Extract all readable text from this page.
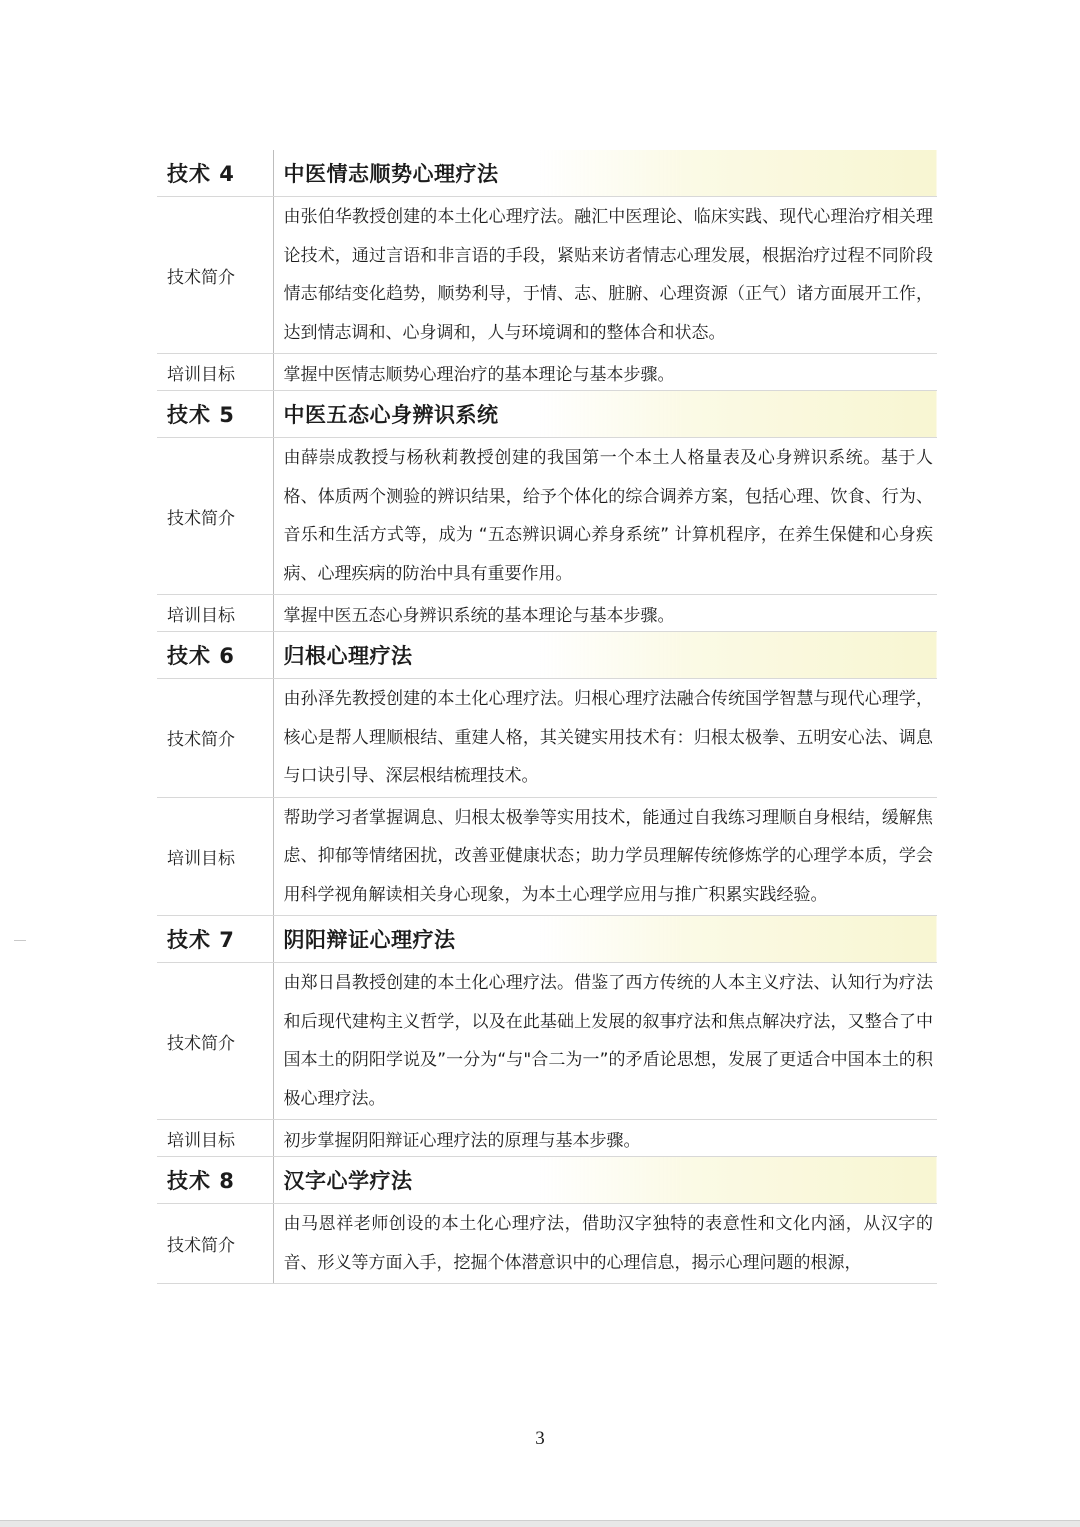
技术 4	中医情志顺势心理疗法
技术简介	由张伯华教授创建的本土化心理疗法。融汇中医理论、临床实践、现代心理治疗相关理论技术，通过言语和非言语的手段，紧贴来访者情志心理发展，根据治疗过程不同阶段情志郁结变化趋势，顺势利导，于情、志、脏腑、心理资源（正气）诸方面展开工作，达到情志调和、心身调和，人与环境调和的整体合和状态。
培训目标	掌握中医情志顺势心理治疗的基本理论与基本步骤。
技术 5	中医五态心身辨识系统
技术简介	由薛崇成教授与杨秋莉教授创建的我国第一个本土人格量表及心身辨识系统。基于人格、体质两个测验的辨识结果，给予个体化的综合调养方案，包括心理、饮食、行为、音乐和生活方式等，成为 “五态辨识调心养身系统” 计算机程序，在养生保健和心身疾病、心理疾病的防治中具有重要作用。
培训目标	掌握中医五态心身辨识系统的基本理论与基本步骤。
技术 6	归根心理疗法
技术简介	由孙泽先教授创建的本土化心理疗法。归根心理疗法融合传统国学智慧与现代心理学，核心是帮人理顺根结、重建人格，其关键实用技术有：归根太极拳、五明安心法、调息与口诀引导、深层根结梳理技术。
培训目标	帮助学习者掌握调息、归根太极拳等实用技术，能通过自我练习理顺自身根结，缓解焦虑、抑郁等情绪困扰，改善亚健康状态；助力学员理解传统修炼学的心理学本质，学会用科学视角解读相关身心现象，为本土心理学应用与推广积累实践经验。
技术 7	阴阳辩证心理疗法
技术简介	由郑日昌教授创建的本土化心理疗法。借鉴了西方传统的人本主义疗法、认知行为疗法和后现代建构主义哲学，以及在此基础上发展的叙事疗法和焦点解决疗法，又整合了中国本土的阴阳学说及”一分为“与"合二为一”的矛盾论思想，发展了更适合中国本土的积极心理疗法。
培训目标	初步掌握阴阳辩证心理疗法的原理与基本步骤。
技术 8	汉字心学疗法
技术简介	由马恩祥老师创设的本土化心理疗法，借助汉字独特的表意性和文化内涵，从汉字的音、形义等方面入手，挖掘个体潜意识中的心理信息，揭示心理问题的根源，
3
